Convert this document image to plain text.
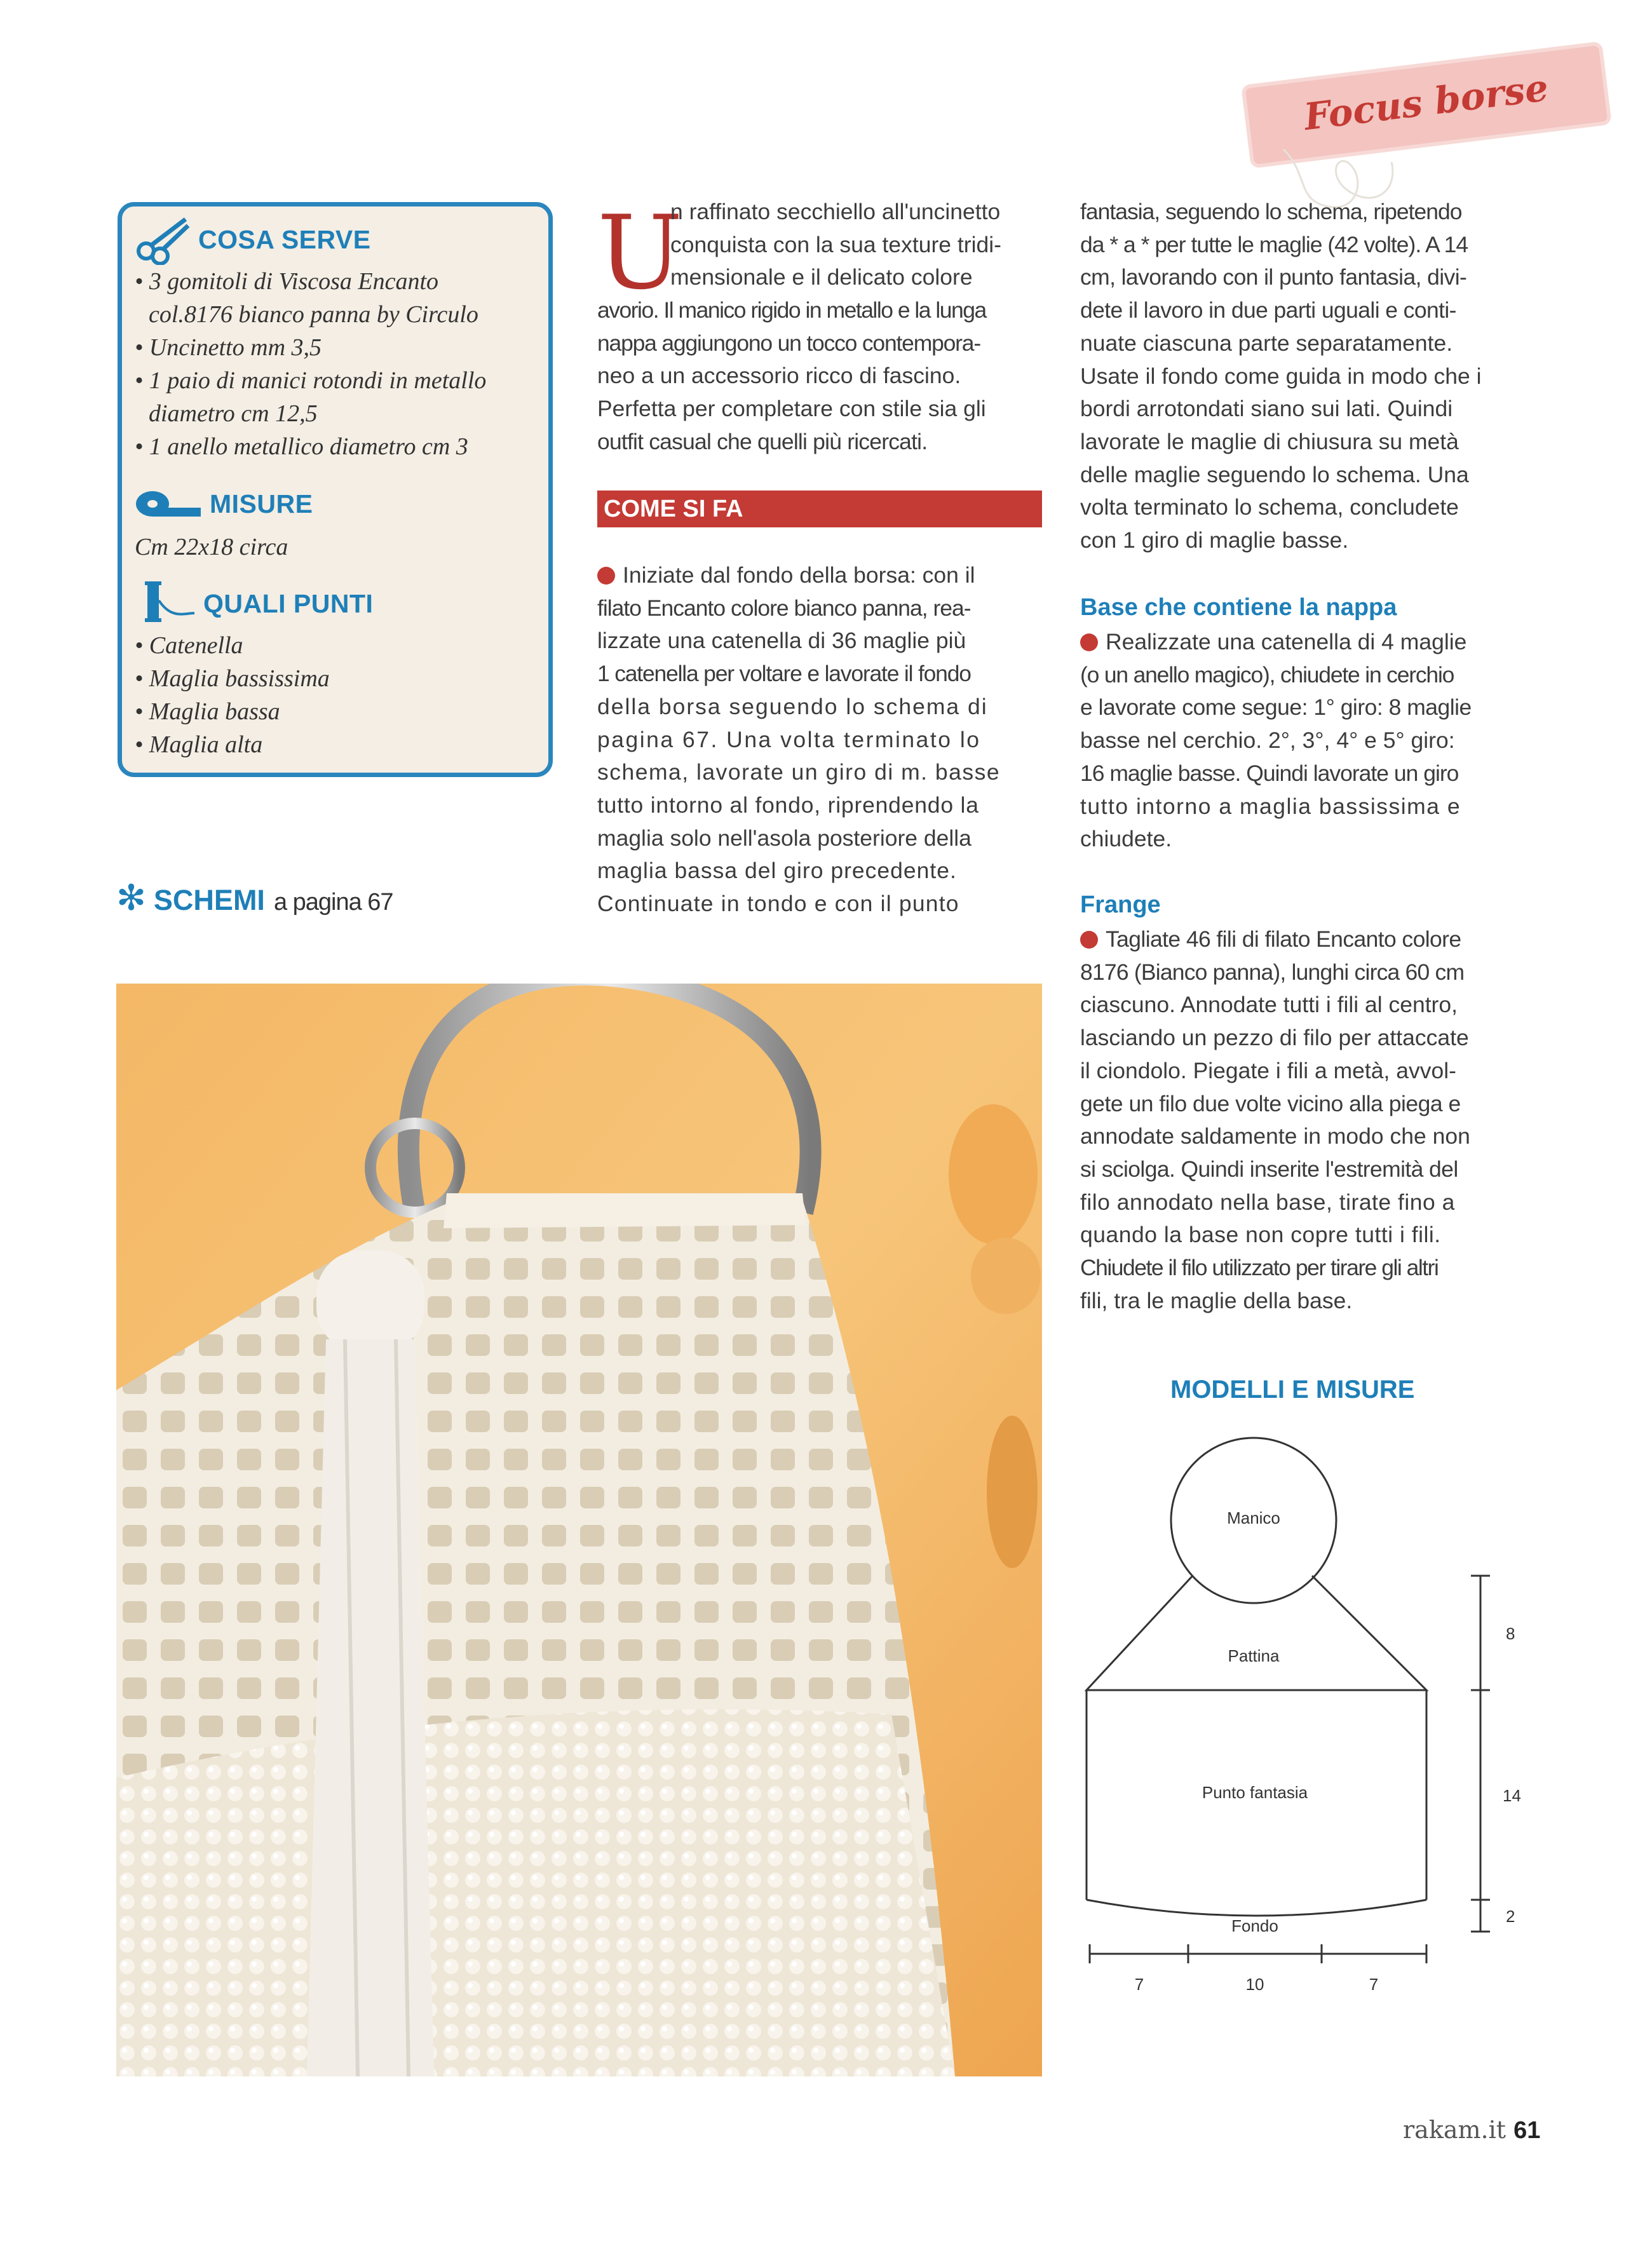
Focus borse
COSA SERVE
• 3 gomitoli di Viscosa Encanto
col.8176 bianco panna by Circulo
• Uncinetto mm 3,5
• 1 paio di manici rotondi in metallo
diametro cm 12,5
• 1 anello metallico diametro cm 3
MISURE
Cm 22x18 circa
QUALI PUNTI
• Catenella
• Maglia bassissima
• Maglia bassa
• Maglia alta
✻ SCHEMI a pagina 67
U
n raffinato secchiello all'uncinetto
conquista con la sua texture tridi-
mensionale e il delicato colore
avorio. Il manico rigido in metallo e la lunga
nappa aggiungono un tocco contempora-
neo a un accessorio ricco di fascino.
Perfetta per completare con stile sia gli
outfit casual che quelli più ricercati.
COME SI FA
Iniziate dal fondo della borsa: con il
filato Encanto colore bianco panna, rea-
lizzate una catenella di 36 maglie più
1 catenella per voltare e lavorate il fondo
della borsa seguendo lo schema di
pagina 67. Una volta terminato lo
schema, lavorate un giro di m. basse
tutto intorno al fondo, riprendendo la
maglia solo nell'asola posteriore della
maglia bassa del giro precedente.
Continuate in tondo e con il punto
fantasia, seguendo lo schema, ripetendo
da * a * per tutte le maglie (42 volte). A 14
cm, lavorando con il punto fantasia, divi-
dete il lavoro in due parti uguali e conti-
nuate ciascuna parte separatamente.
Usate il fondo come guida in modo che i
bordi arrotondati siano sui lati. Quindi
lavorate le maglie di chiusura su metà
delle maglie seguendo lo schema. Una
volta terminato lo schema, concludete
con 1 giro di maglie basse.
Base che contiene la nappa
Realizzate una catenella di 4 maglie
(o un anello magico), chiudete in cerchio
e lavorate come segue: 1° giro: 8 maglie
basse nel cerchio. 2°, 3°, 4° e 5° giro:
16 maglie basse. Quindi lavorate un giro
tutto intorno a maglia bassissima e
chiudete.
Frange
Tagliate 46 fili di filato Encanto colore
8176 (Bianco panna), lunghi circa 60 cm
ciascuno. Annodate tutti i fili al centro,
lasciando un pezzo di filo per attaccate
il ciondolo. Piegate i fili a metà, avvol-
gete un filo due volte vicino alla piega e
annodate saldamente in modo che non
si sciolga. Quindi inserite l'estremità del
filo annodato nella base, tirate fino a
quando la base non copre tutti i fili.
Chiudete il filo utilizzato per tirare gli altri
fili, tra le maglie della base.
MODELLI E MISURE
Manico
Pattina
Punto fantasia
Fondo
8
14
2
7	10	7
rakam.it 61
